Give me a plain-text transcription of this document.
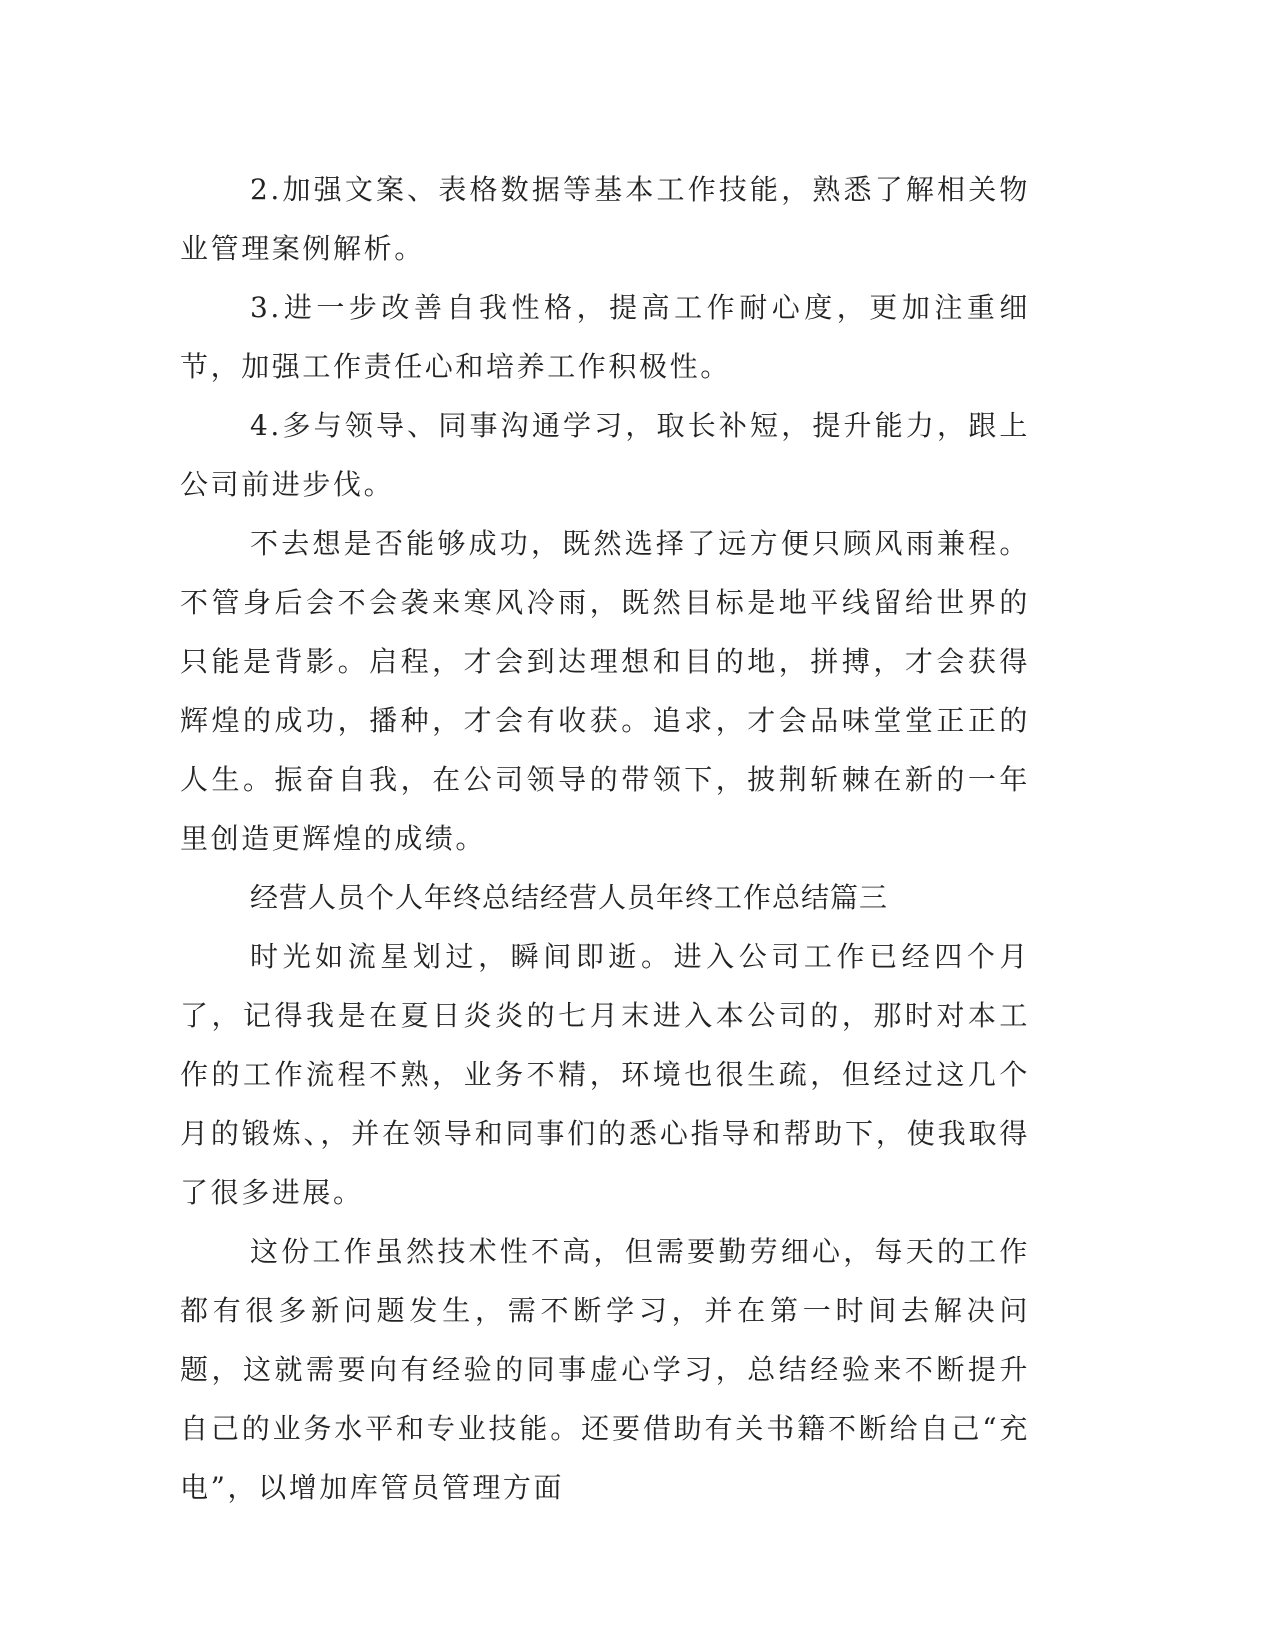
2.加强文案、表格数据等基本工作技能，熟悉了解相关物业管理案例解析。

3.进一步改善自我性格，提高工作耐心度，更加注重细节，加强工作责任心和培养工作积极性。

4.多与领导、同事沟通学习，取长补短，提升能力，跟上公司前进步伐。

不去想是否能够成功，既然选择了远方便只顾风雨兼程。不管身后会不会袭来寒风冷雨，既然目标是地平线留给世界的只能是背影。启程，才会到达理想和目的地，拼搏，才会获得辉煌的成功，播种，才会有收获。追求，才会品味堂堂正正的人生。振奋自我，在公司领导的带领下，披荆斩棘在新的一年里创造更辉煌的成绩。

经营人员个人年终总结经营人员年终工作总结篇三

时光如流星划过，瞬间即逝。进入公司工作已经四个月了，记得我是在夏日炎炎的七月末进入本公司的，那时对本工作的工作流程不熟，业务不精，环境也很生疏，但经过这几个月的锻炼、，并在领导和同事们的悉心指导和帮助下，使我取得了很多进展。

这份工作虽然技术性不高，但需要勤劳细心，每天的工作都有很多新问题发生，需不断学习，并在第一时间去解决问题，这就需要向有经验的同事虚心学习，总结经验来不断提升自己的业务水平和专业技能。还要借助有关书籍不断给自己“充电”，以增加库管员管理方面
